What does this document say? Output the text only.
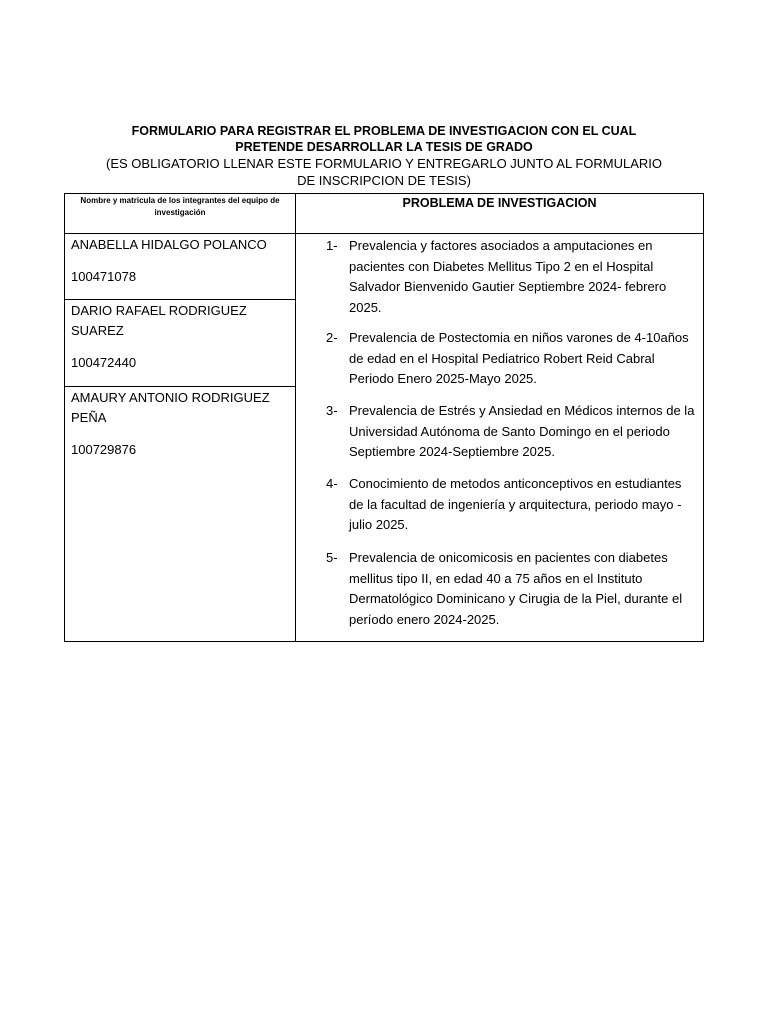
FORMULARIO PARA REGISTRAR EL PROBLEMA DE INVESTIGACION CON EL CUAL
PRETENDE DESARROLLAR LA TESIS DE GRADO
(ES OBLIGATORIO LLENAR ESTE FORMULARIO Y ENTREGARLO JUNTO AL FORMULARIO
DE INSCRIPCION DE TESIS)
Nombre y matricula de los integrantes del equipo de investigación
ANABELLA HIDALGO POLANCO
100471078
DARIO RAFAEL RODRIGUEZ SUAREZ
100472440
AMAURY ANTONIO RODRIGUEZ PEÑA
100729876
PROBLEMA DE INVESTIGACION
1- Prevalencia y factores asociados a amputaciones en pacientes con Diabetes Mellitus Tipo 2 en el Hospital Salvador Bienvenido Gautier Septiembre 2024- febrero 2025.
2- Prevalencia de Postectomia en niños varones de 4-10años de edad en el Hospital Pediatrico Robert Reid Cabral Periodo Enero 2025-Mayo 2025.
3- Prevalencia de Estrés y Ansiedad en Médicos internos de la Universidad Autónoma de Santo Domingo en el periodo Septiembre 2024-Septiembre 2025.
4- Conocimiento de metodos anticonceptivos en estudiantes de la facultad de ingeniería y arquitectura, periodo mayo - julio 2025.
5- Prevalencia de onicomicosis en pacientes con diabetes mellitus tipo II, en edad 40 a 75 años en el Instituto Dermatológico Dominicano y Cirugia de la Piel, durante el período enero 2024-2025.
